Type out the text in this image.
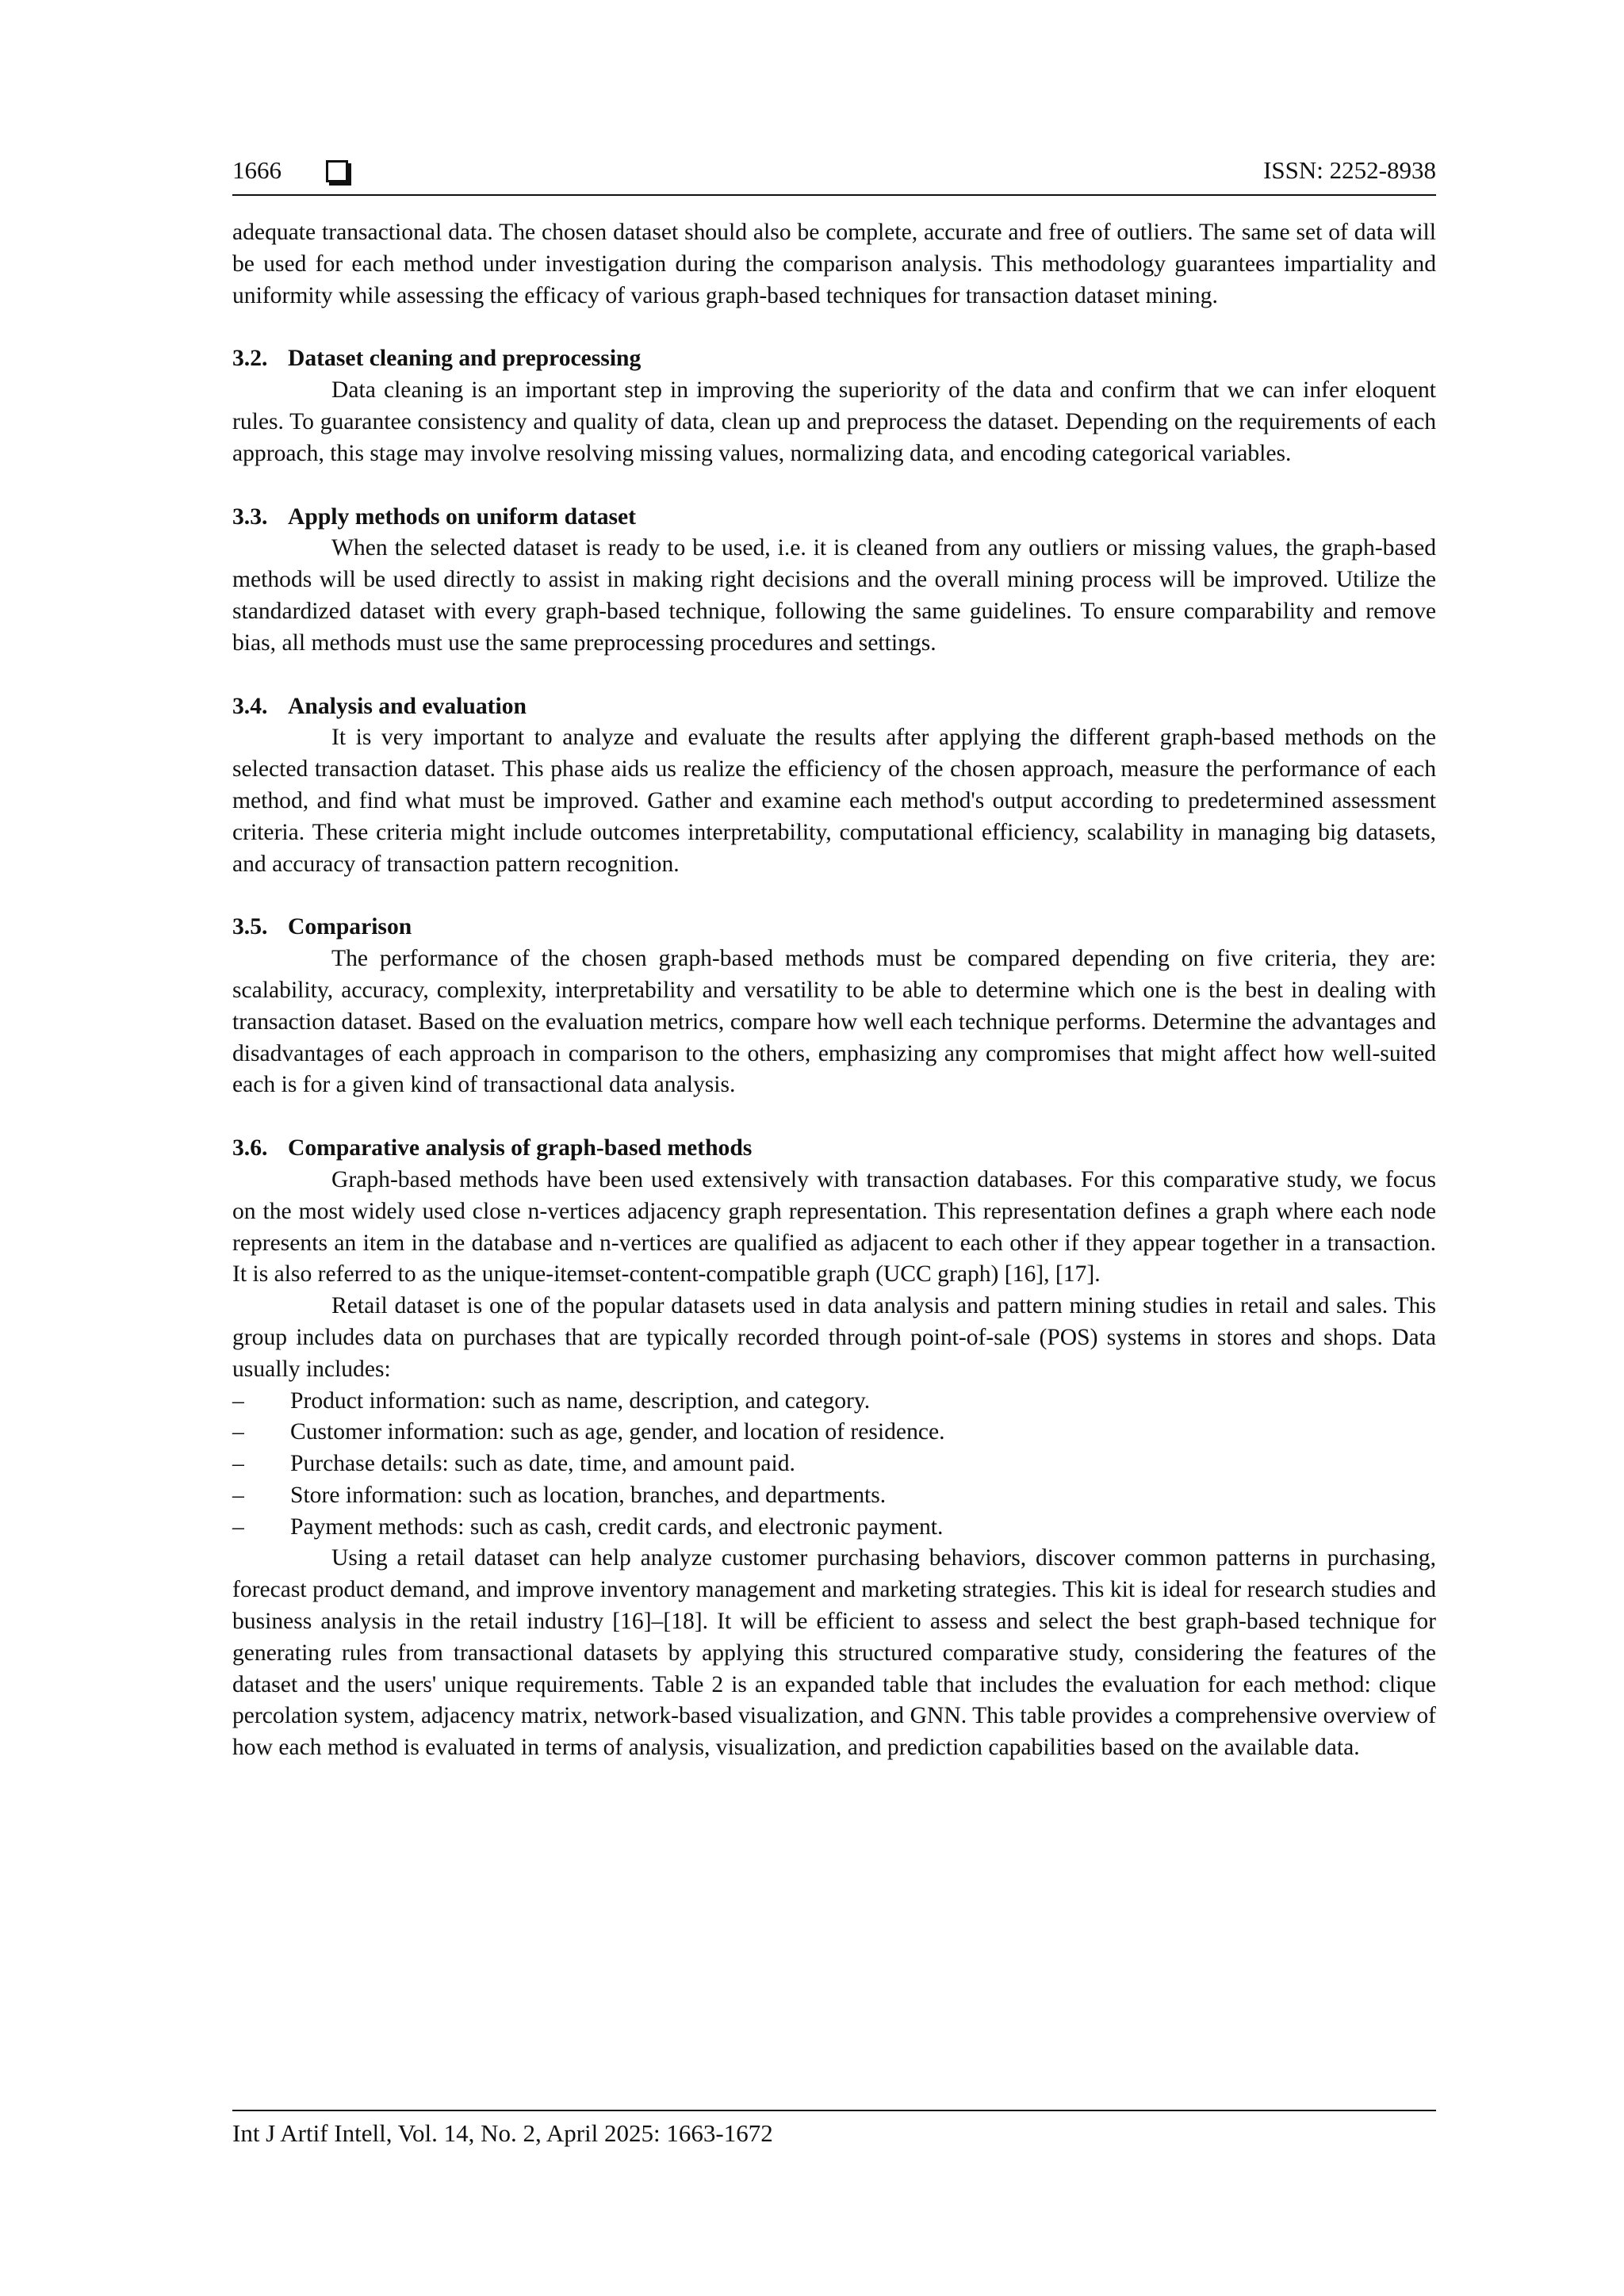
1666	ISSN: 2252-8938

adequate transactional data. The chosen dataset should also be complete, accurate and free of outliers. The same set of data will be used for each method under investigation during the comparison analysis. This methodology guarantees impartiality and uniformity while assessing the efficacy of various graph-based techniques for transaction dataset mining.

3.2. Dataset cleaning and preprocessing

Data cleaning is an important step in improving the superiority of the data and confirm that we can infer eloquent rules. To guarantee consistency and quality of data, clean up and preprocess the dataset. Depending on the requirements of each approach, this stage may involve resolving missing values, normalizing data, and encoding categorical variables.

3.3. Apply methods on uniform dataset

When the selected dataset is ready to be used, i.e. it is cleaned from any outliers or missing values, the graph-based methods will be used directly to assist in making right decisions and the overall mining process will be improved. Utilize the standardized dataset with every graph-based technique, following the same guidelines. To ensure comparability and remove bias, all methods must use the same preprocessing procedures and settings.

3.4. Analysis and evaluation

It is very important to analyze and evaluate the results after applying the different graph-based methods on the selected transaction dataset. This phase aids us realize the efficiency of the chosen approach, measure the performance of each method, and find what must be improved. Gather and examine each method's output according to predetermined assessment criteria. These criteria might include outcomes interpretability, computational efficiency, scalability in managing big datasets, and accuracy of transaction pattern recognition.

3.5. Comparison

The performance of the chosen graph-based methods must be compared depending on five criteria, they are: scalability, accuracy, complexity, interpretability and versatility to be able to determine which one is the best in dealing with transaction dataset. Based on the evaluation metrics, compare how well each technique performs. Determine the advantages and disadvantages of each approach in comparison to the others, emphasizing any compromises that might affect how well-suited each is for a given kind of transactional data analysis.

3.6. Comparative analysis of graph-based methods

Graph-based methods have been used extensively with transaction databases. For this comparative study, we focus on the most widely used close n-vertices adjacency graph representation. This representation defines a graph where each node represents an item in the database and n-vertices are qualified as adjacent to each other if they appear together in a transaction. It is also referred to as the unique-itemset-content-compatible graph (UCC graph) [16], [17].

Retail dataset is one of the popular datasets used in data analysis and pattern mining studies in retail and sales. This group includes data on purchases that are typically recorded through point-of-sale (POS) systems in stores and shops. Data usually includes:

– Product information: such as name, description, and category.
– Customer information: such as age, gender, and location of residence.
– Purchase details: such as date, time, and amount paid.
– Store information: such as location, branches, and departments.
– Payment methods: such as cash, credit cards, and electronic payment.

Using a retail dataset can help analyze customer purchasing behaviors, discover common patterns in purchasing, forecast product demand, and improve inventory management and marketing strategies. This kit is ideal for research studies and business analysis in the retail industry [16]–[18]. It will be efficient to assess and select the best graph-based technique for generating rules from transactional datasets by applying this structured comparative study, considering the features of the dataset and the users' unique requirements. Table 2 is an expanded table that includes the evaluation for each method: clique percolation system, adjacency matrix, network-based visualization, and GNN. This table provides a comprehensive overview of how each method is evaluated in terms of analysis, visualization, and prediction capabilities based on the available data.

Int J Artif Intell, Vol. 14, No. 2, April 2025: 1663-1672
